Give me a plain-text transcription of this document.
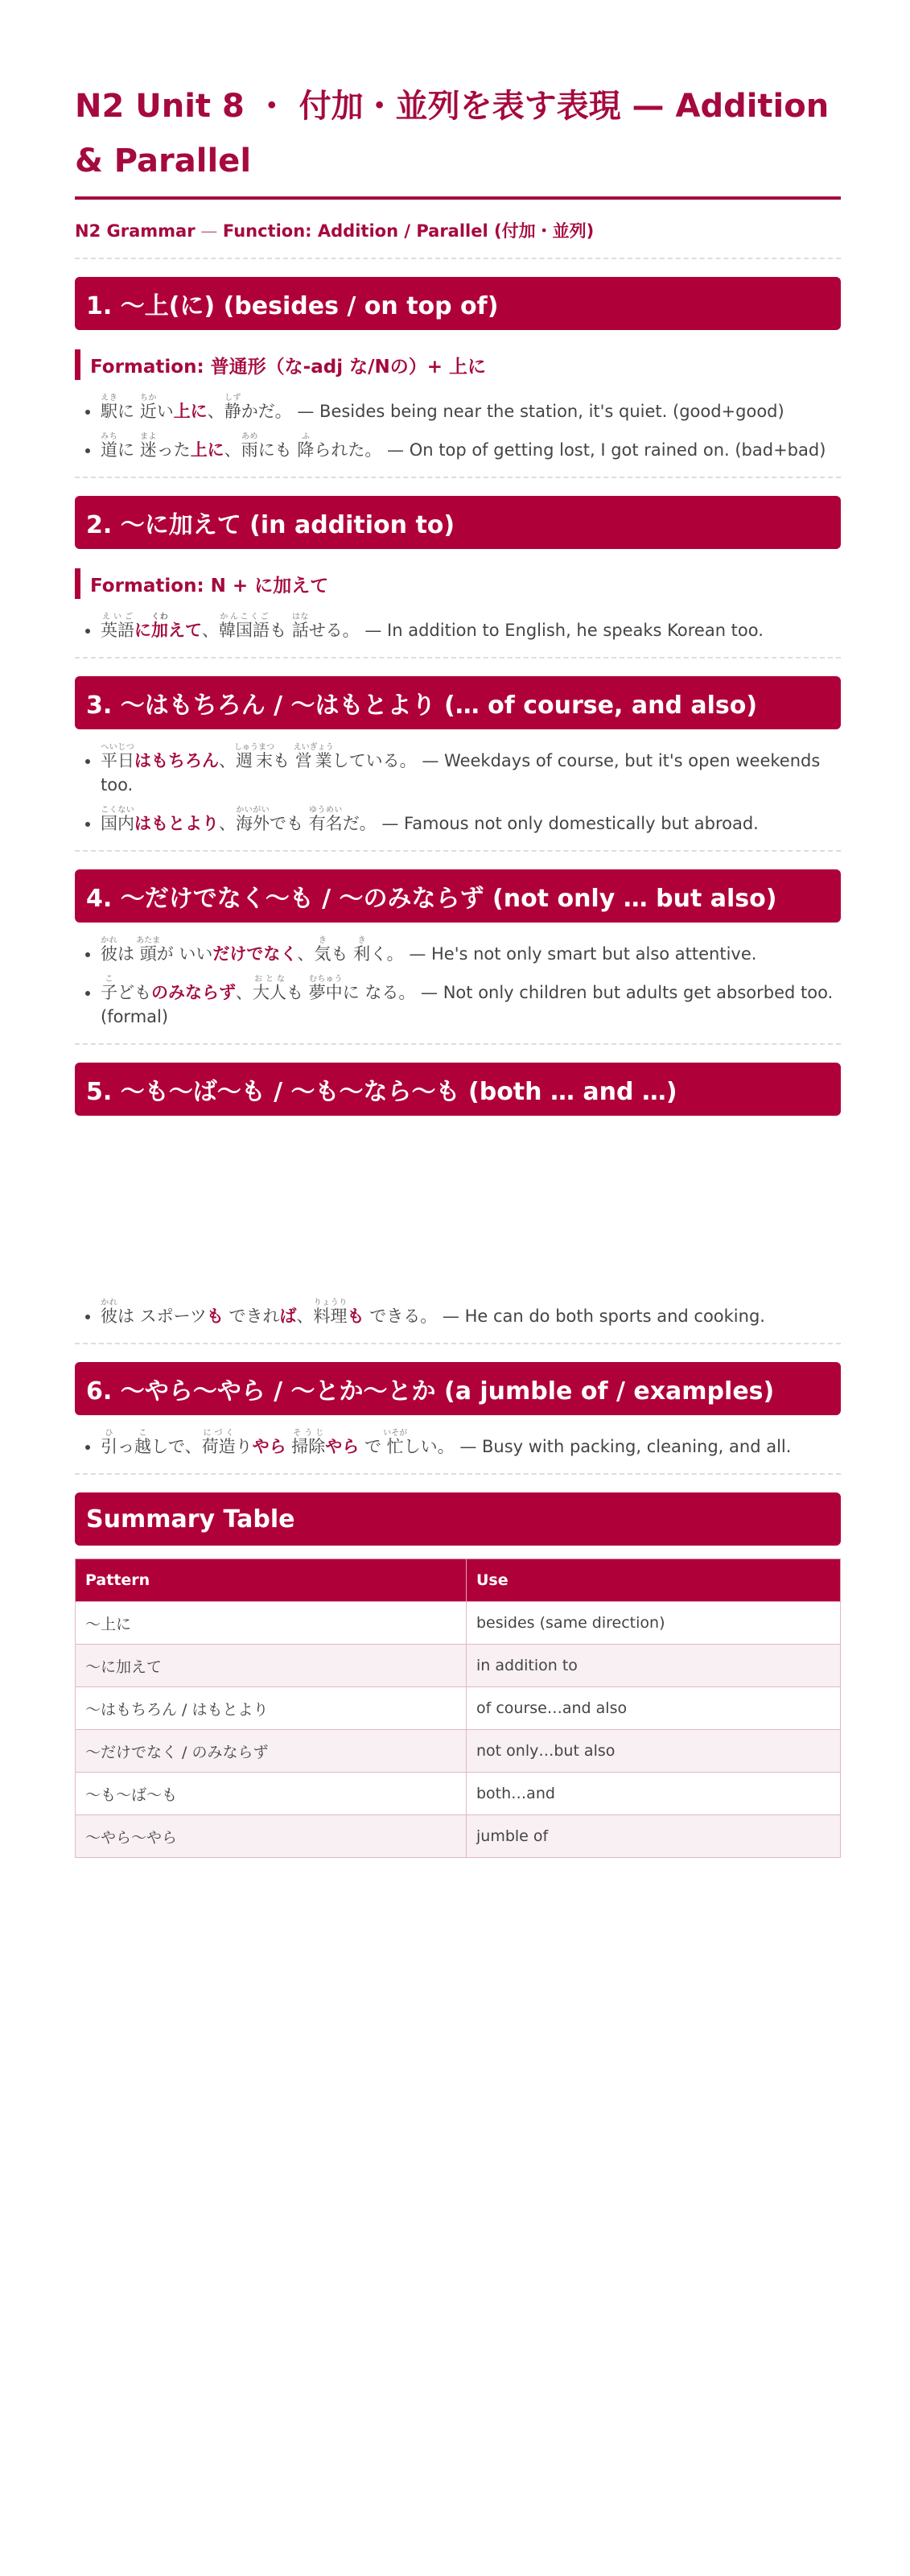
N2 Unit 8 ・ 付加・並列を表す表現 — Addition & Parallel
N2 Grammar — Function: Addition / Parallel (付加・並列)
1. 〜上(に) (besides / on top of)
Formation: 普通形（な-adj な/Nの）+ 上に
• 駅えきに 近ちかい上に、静しずかだ。 — Besides being near the station, it's quiet. (good+good)
• 道みちに 迷まよった上に、雨あめにも 降ふられた。 — On top of getting lost, I got rained on. (bad+bad)
2. 〜に加えて (in addition to)
Formation: N + に加えて
• 英語えいごに加くわえて、韓国語かんこくごも 話はなせる。 — In addition to English, he speaks Korean too.
3. 〜はもちろん / 〜はもとより (… of course, and also)
• 平日へいじつはもちろん、週末しゅうまつも 営業えいぎょうしている。 — Weekdays of course, but it's open weekends too.
• 国内こくないはもとより、海外かいがいでも 有名ゆうめいだ。 — Famous not only domestically but abroad.
4. 〜だけでなく〜も / 〜のみならず (not only … but also)
• 彼かれは 頭あたまが いいだけでなく、気きも 利きく。 — He's not only smart but also attentive.
• 子こどものみならず、大人おとなも 夢中むちゅうに なる。 — Not only children but adults get absorbed too. (formal)
5. 〜も〜ば〜も / 〜も〜なら〜も (both … and …)
• 彼かれは スポーツも できれば、料理りょうりも できる。 — He can do both sports and cooking.
6. 〜やら〜やら / 〜とか〜とか (a jumble of / examples)
• 引ひっ越こしで、荷造にづくりやら 掃除そうじやら で 忙いそがしい。 — Busy with packing, cleaning, and all.
Summary Table
Pattern	Use
〜上に	besides (same direction)
〜に加えて	in addition to
〜はもちろん / はもとより	of course…and also
〜だけでなく / のみならず	not only…but also
〜も〜ば〜も	both…and
〜やら〜やら	jumble of
